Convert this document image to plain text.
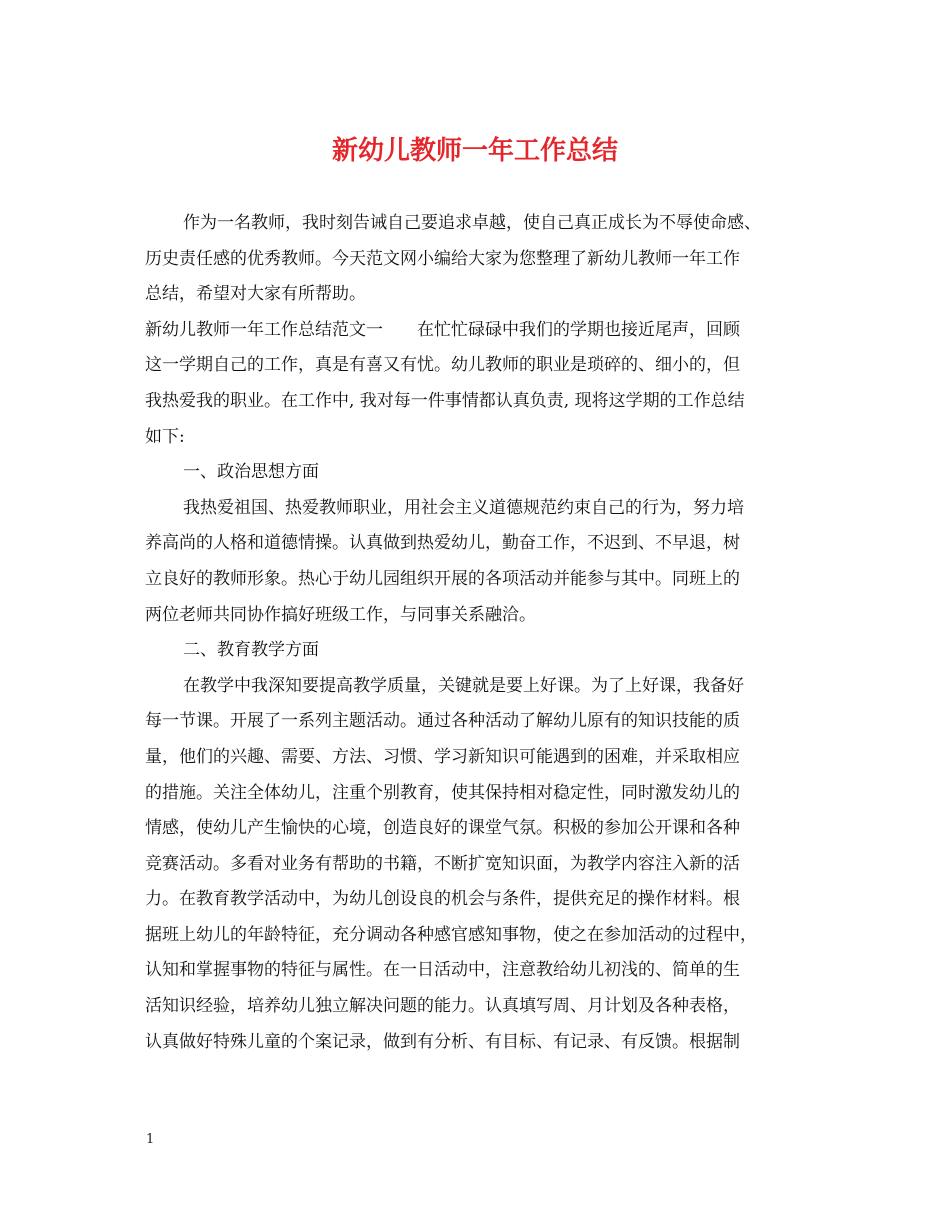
新幼儿教师一年工作总结
作为一名教师，我时刻告诫自己要追求卓越，使自己真正成长为不辱使命感、
历史责任感的优秀教师。今天范文网小编给大家为您整理了新幼儿教师一年工作
总结，希望对大家有所帮助。
新幼儿教师一年工作总结范文一　　在忙忙碌碌中我们的学期也接近尾声，回顾
这一学期自己的工作，真是有喜又有忧。幼儿教师的职业是琐碎的、细小的，但
我热爱我的职业。在工作中, 我对每一件事情都认真负责, 现将这学期的工作总结
如下:
一、政治思想方面
我热爱祖国、热爱教师职业，用社会主义道德规范约束自己的行为，努力培
养高尚的人格和道德情操。认真做到热爱幼儿，勤奋工作，不迟到、不早退，树
立良好的教师形象。热心于幼儿园组织开展的各项活动并能参与其中。同班上的
两位老师共同协作搞好班级工作，与同事关系融洽。
二、教育教学方面
在教学中我深知要提高教学质量，关键就是要上好课。为了上好课，我备好
每一节课。开展了一系列主题活动。通过各种活动了解幼儿原有的知识技能的质
量，他们的兴趣、需要、方法、习惯、学习新知识可能遇到的困难，并采取相应
的措施。关注全体幼儿，注重个别教育，使其保持相对稳定性，同时激发幼儿的
情感，使幼儿产生愉快的心境，创造良好的课堂气氛。积极的参加公开课和各种
竞赛活动。多看对业务有帮助的书籍，不断扩宽知识面，为教学内容注入新的活
力。在教育教学活动中，为幼儿创设良的机会与条件，提供充足的操作材料。根
据班上幼儿的年龄特征，充分调动各种感官感知事物，使之在参加活动的过程中，
认知和掌握事物的特征与属性。在一日活动中，注意教给幼儿初浅的、简单的生
活知识经验，培养幼儿独立解决问题的能力。认真填写周、月计划及各种表格，
认真做好特殊儿童的个案记录，做到有分析、有目标、有记录、有反馈。根据制
1
